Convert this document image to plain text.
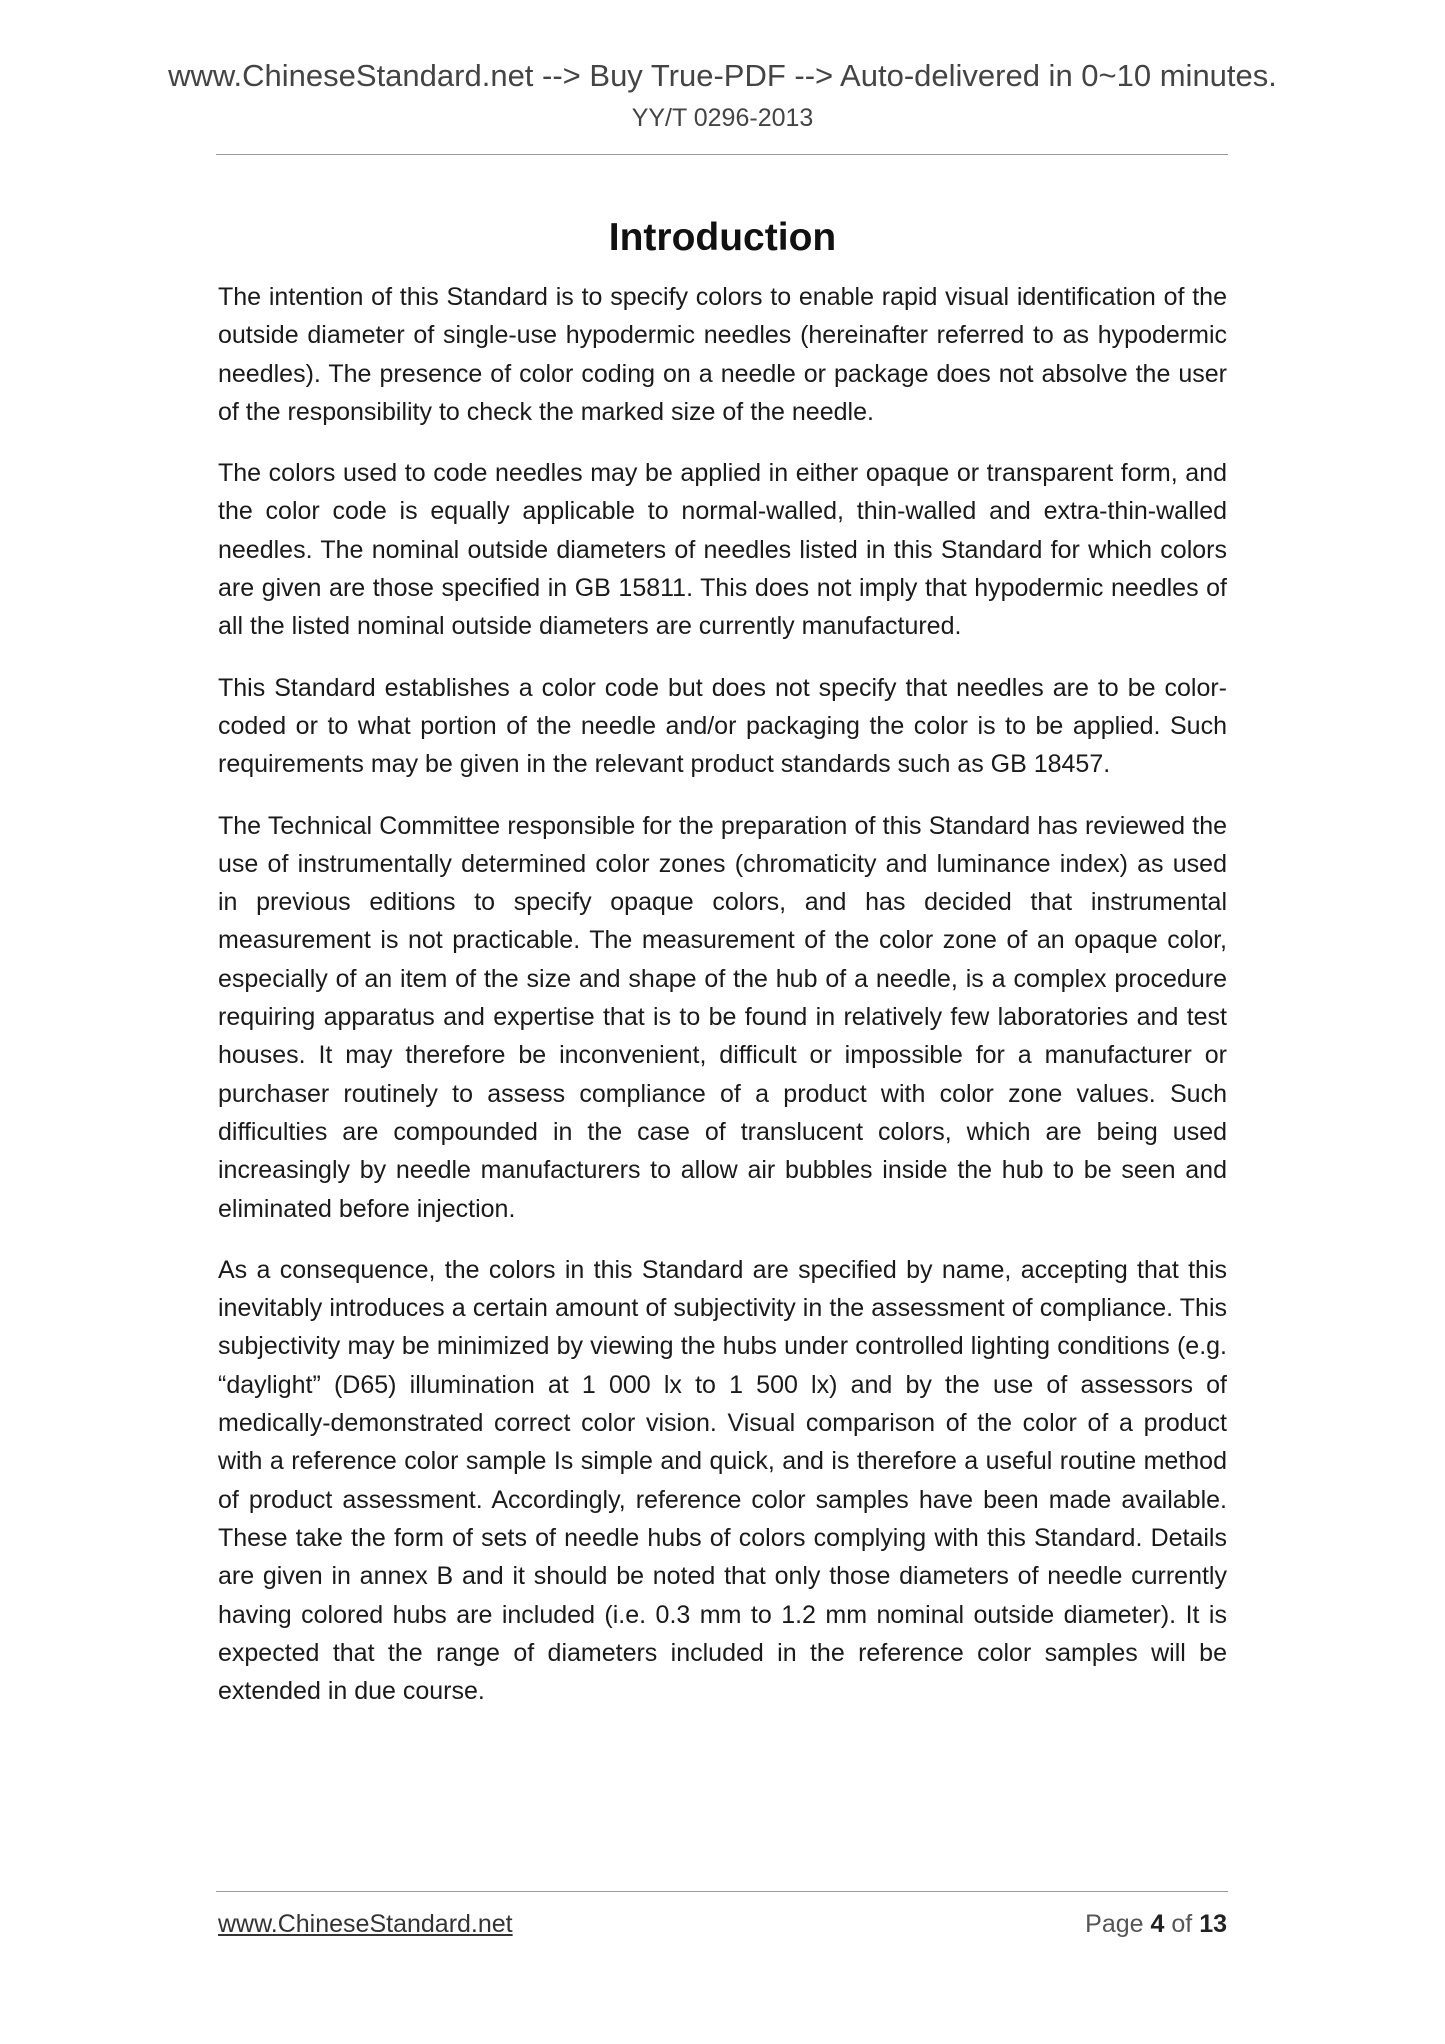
www.ChineseStandard.net --> Buy True-PDF --> Auto-delivered in 0~10 minutes.
YY/T 0296-2013
Introduction

The intention of this Standard is to specify colors to enable rapid visual identification of the outside diameter of single-use hypodermic needles (hereinafter referred to as hypodermic needles). The presence of color coding on a needle or package does not absolve the user of the responsibility to check the marked size of the needle.

The colors used to code needles may be applied in either opaque or transparent form, and the color code is equally applicable to normal-walled, thin-walled and extra-thin-walled needles. The nominal outside diameters of needles listed in this Standard for which colors are given are those specified in GB 15811. This does not imply that hypodermic needles of all the listed nominal outside diameters are currently manufactured.

This Standard establishes a color code but does not specify that needles are to be color-coded or to what portion of the needle and/or packaging the color is to be applied. Such requirements may be given in the relevant product standards such as GB 18457.

The Technical Committee responsible for the preparation of this Standard has reviewed the use of instrumentally determined color zones (chromaticity and luminance index) as used in previous editions to specify opaque colors, and has decided that instrumental measurement is not practicable. The measurement of the color zone of an opaque color, especially of an item of the size and shape of the hub of a needle, is a complex procedure requiring apparatus and expertise that is to be found in relatively few laboratories and test houses. It may therefore be inconvenient, difficult or impossible for a manufacturer or purchaser routinely to assess compliance of a product with color zone values. Such difficulties are compounded in the case of translucent colors, which are being used increasingly by needle manufacturers to allow air bubbles inside the hub to be seen and eliminated before injection.

As a consequence, the colors in this Standard are specified by name, accepting that this inevitably introduces a certain amount of subjectivity in the assessment of compliance. This subjectivity may be minimized by viewing the hubs under controlled lighting conditions (e.g. “daylight” (D65) illumination at 1 000 lx to 1 500 lx) and by the use of assessors of medically-demonstrated correct color vision. Visual comparison of the color of a product with a reference color sample Is simple and quick, and is therefore a useful routine method of product assessment. Accordingly, reference color samples have been made available. These take the form of sets of needle hubs of colors complying with this Standard. Details are given in annex B and it should be noted that only those diameters of needle currently having colored hubs are included (i.e. 0.3 mm to 1.2 mm nominal outside diameter). It is expected that the range of diameters included in the reference color samples will be extended in due course.

www.ChineseStandard.net	Page 4 of 13
